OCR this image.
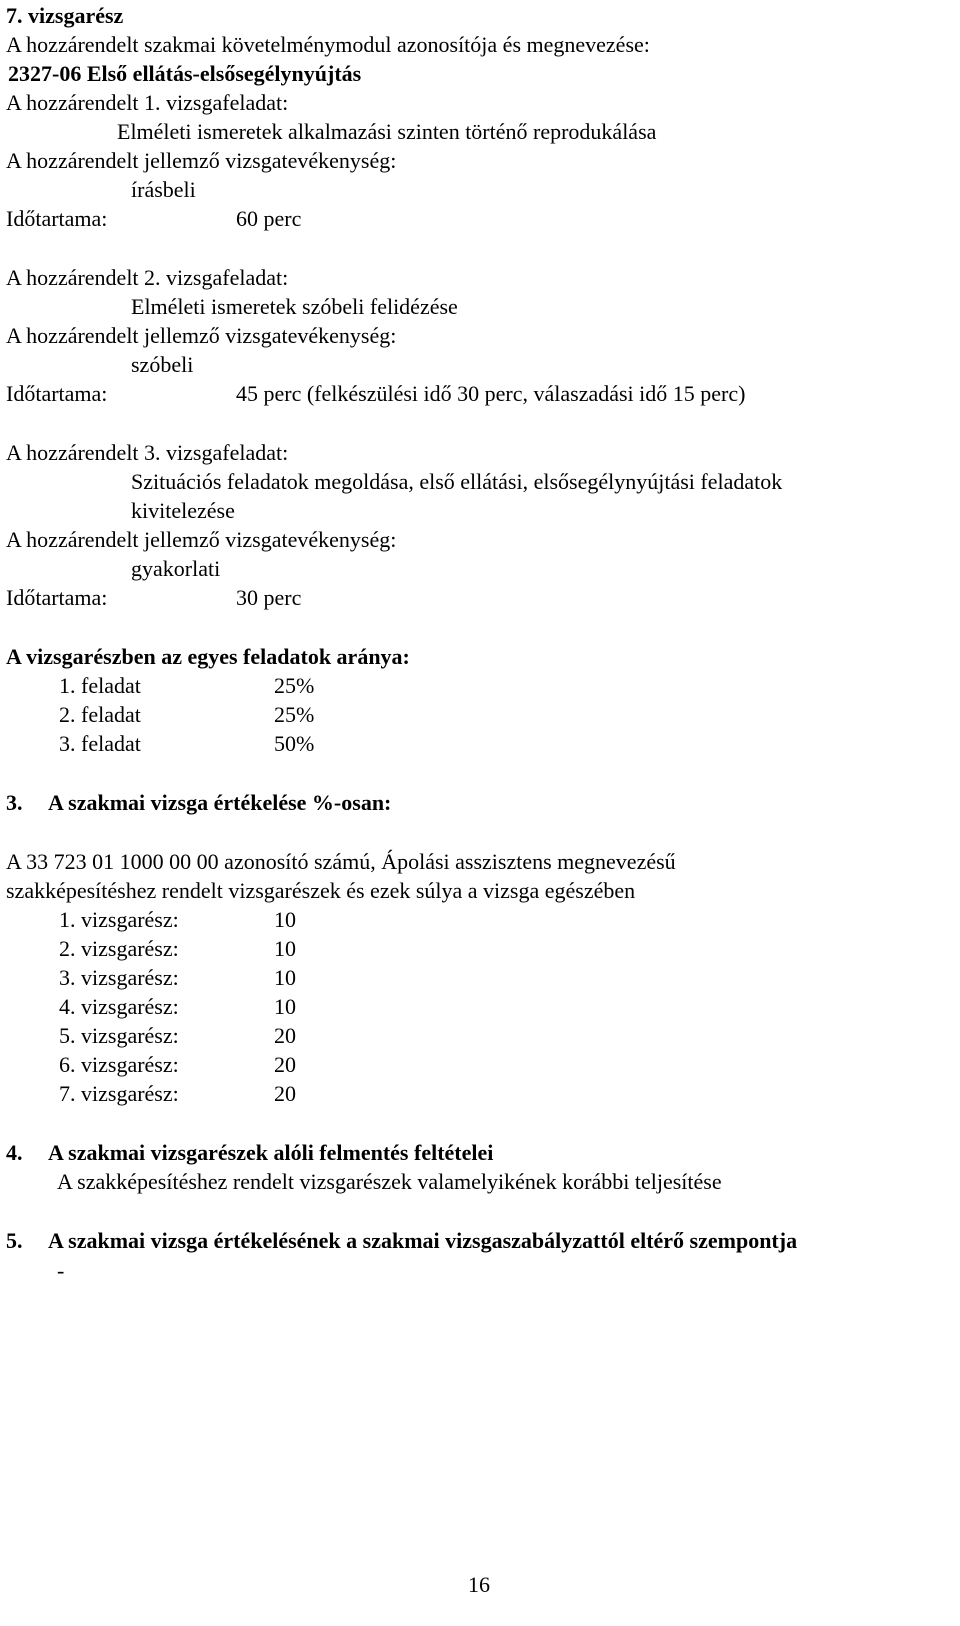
7. vizsgarész
A hozzárendelt szakmai követelménymodul azonosítója és megnevezése:
2327-06 Első ellátás-elsősegélynyújtás
A hozzárendelt 1. vizsgafeladat:
Elméleti ismeretek alkalmazási szinten történő reprodukálása
A hozzárendelt jellemző vizsgatevékenység:
írásbeli
Időtartama:	60 perc
A hozzárendelt 2. vizsgafeladat:
Elméleti ismeretek szóbeli felidézése
A hozzárendelt jellemző vizsgatevékenység:
szóbeli
Időtartama:	45 perc (felkészülési idő 30 perc, válaszadási idő 15 perc)
A hozzárendelt 3. vizsgafeladat:
Szituációs feladatok megoldása, első ellátási, elsősegélynyújtási feladatok
kivitelezése
A hozzárendelt jellemző vizsgatevékenység:
gyakorlati
Időtartama:	30 perc
A vizsgarészben az egyes feladatok aránya:
1. feladat	25%
2. feladat	25%
3. feladat	50%
3. A szakmai vizsga értékelése %-osan:
A 33 723 01 1000 00 00 azonosító számú, Ápolási asszisztens megnevezésű
szakképesítéshez rendelt vizsgarészek és ezek súlya a vizsga egészében
1. vizsgarész:	10
2. vizsgarész:	10
3. vizsgarész:	10
4. vizsgarész:	10
5. vizsgarész:	20
6. vizsgarész:	20
7. vizsgarész:	20
4. A szakmai vizsgarészek alóli felmentés feltételei
A szakképesítéshez rendelt vizsgarészek valamelyikének korábbi teljesítése
5. A szakmai vizsga értékelésének a szakmai vizsgaszabályzattól eltérő szempontja
-
16
